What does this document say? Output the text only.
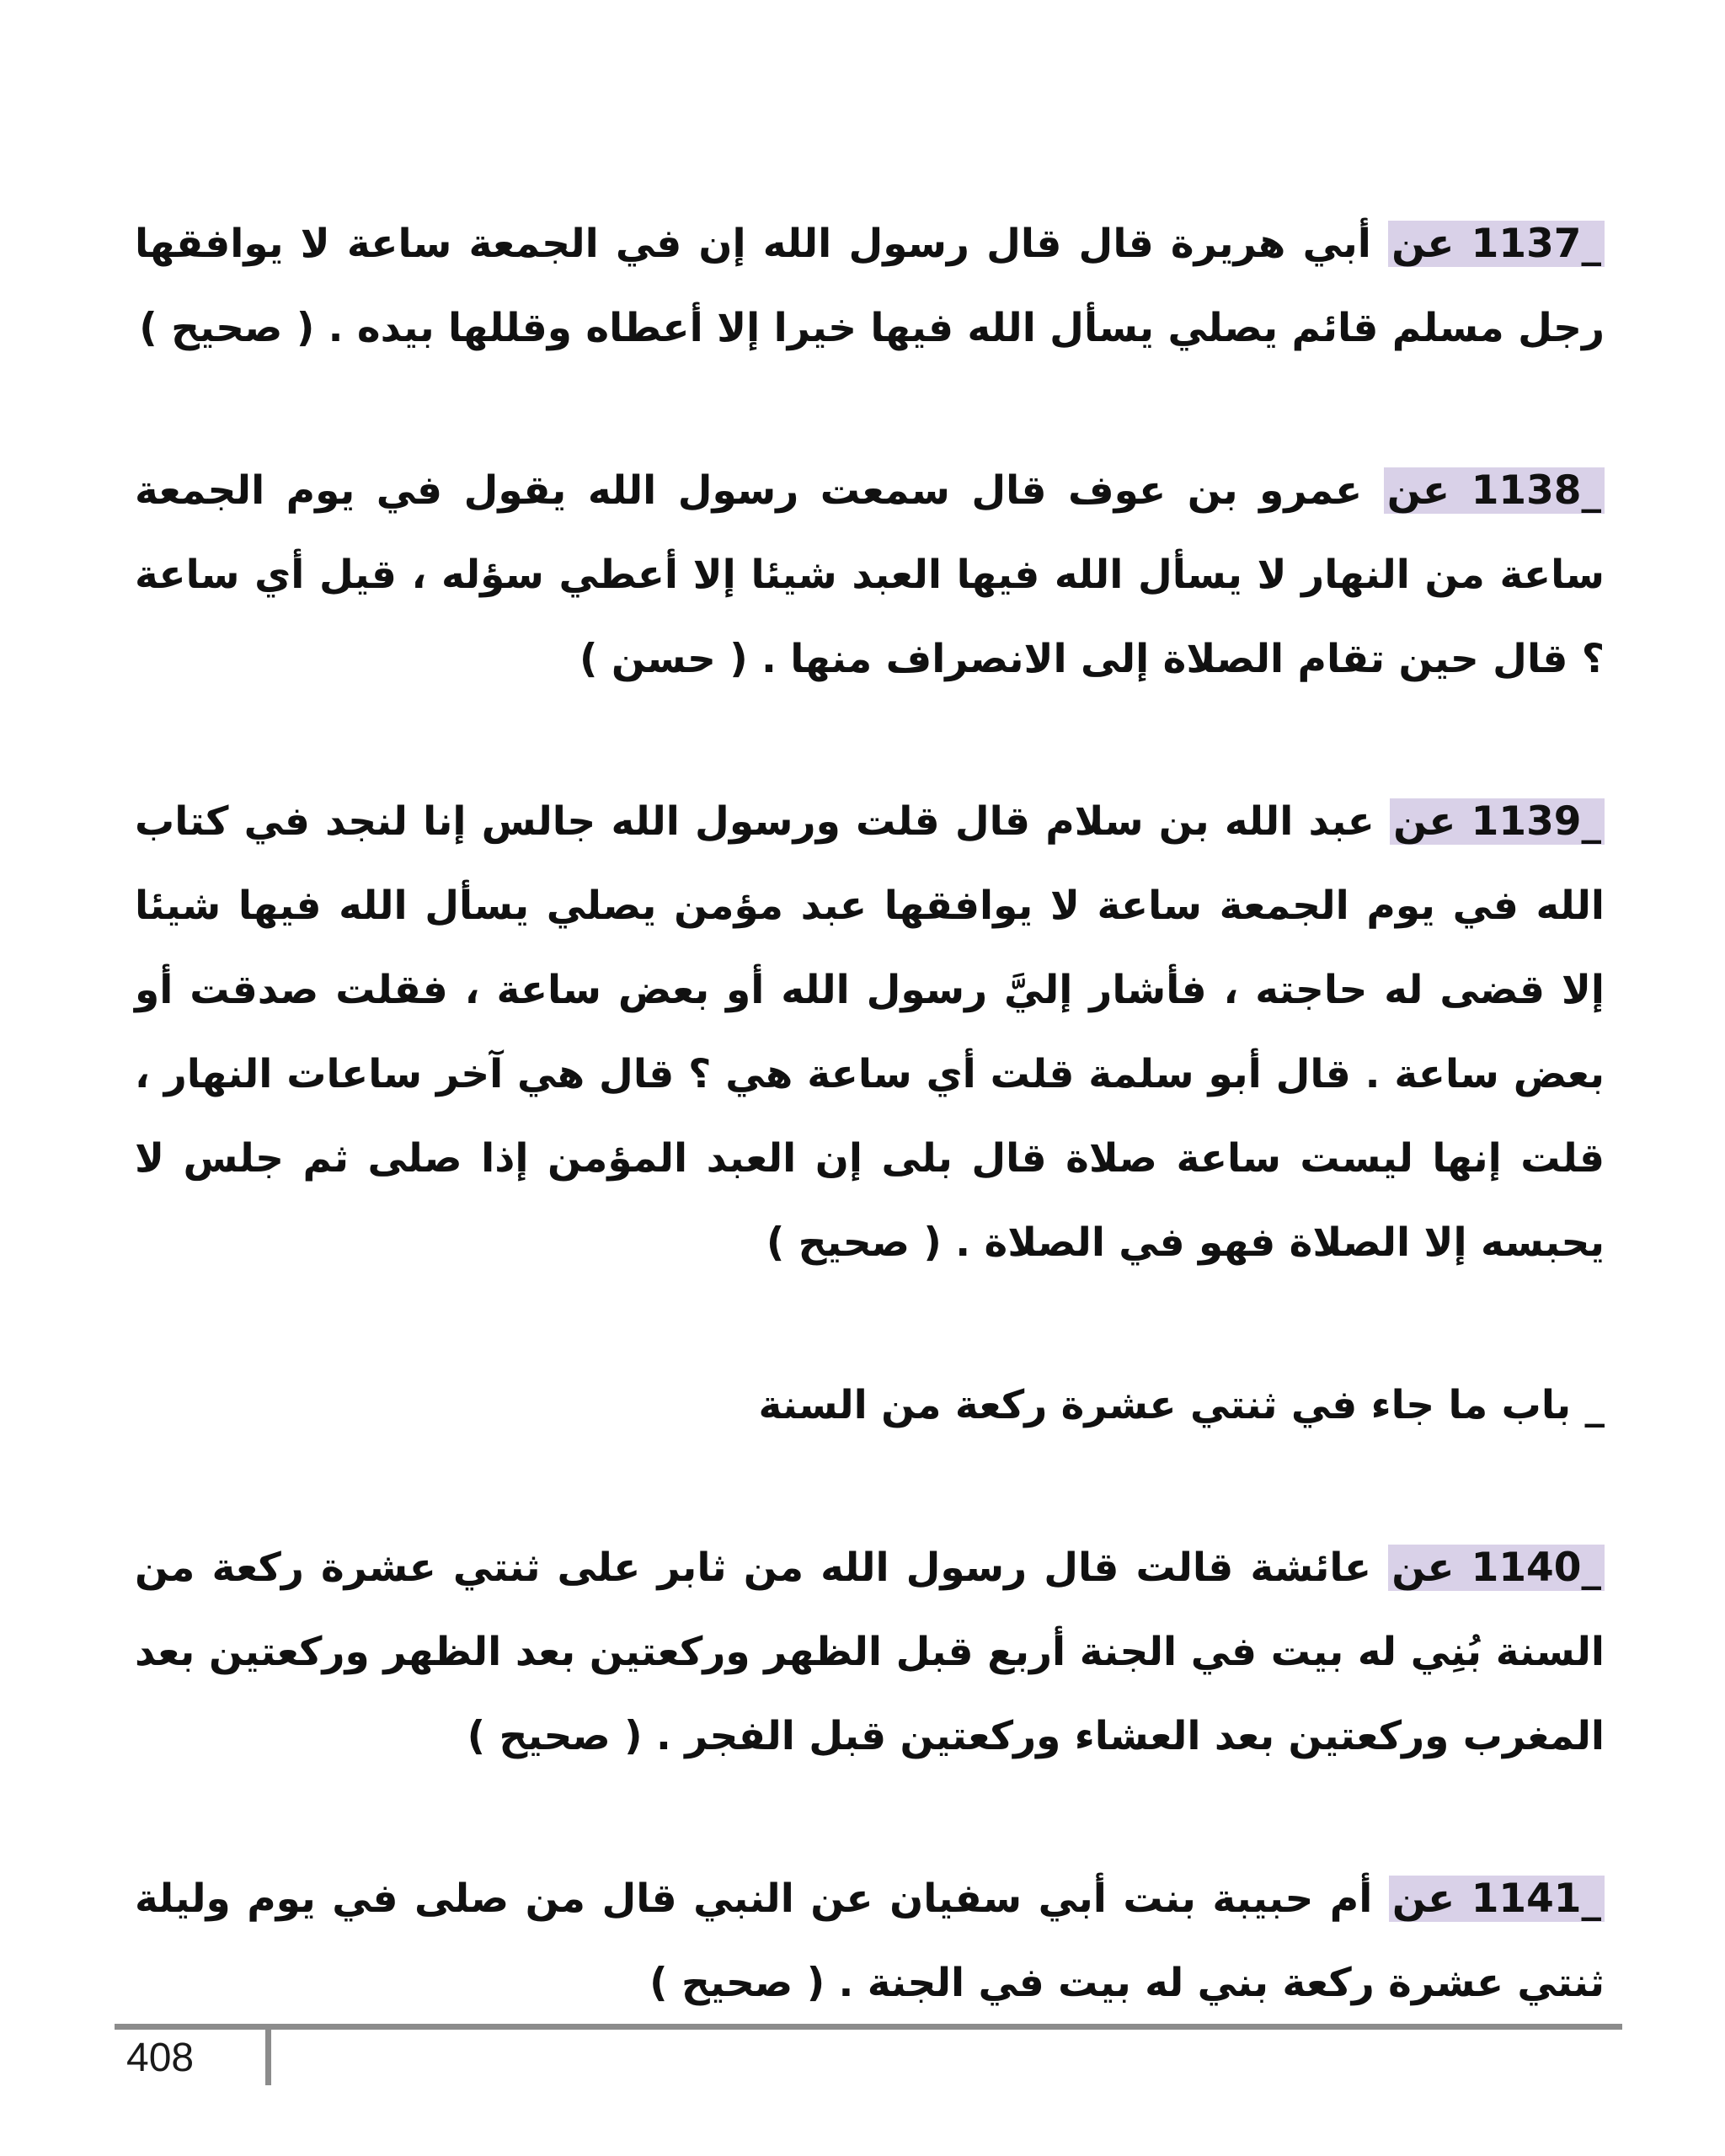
1137_ عن أبي هريرة قال قال رسول الله إن في الجمعة ساعة لا يوافقها رجل مسلم قائم يصلي يسأل الله فيها خيرا إلا أعطاه وقللها بيده . ( صحيح )

1138_ عن عمرو بن عوف قال سمعت رسول الله يقول في يوم الجمعة ساعة من النهار لا يسأل الله فيها العبد شيئا إلا أعطي سؤله ، قيل أي ساعة ؟ قال حين تقام الصلاة إلى الانصراف منها . ( حسن )

1139_ عن عبد الله بن سلام قال قلت ورسول الله جالس إنا لنجد في كتاب الله في يوم الجمعة ساعة لا يوافقها عبد مؤمن يصلي يسأل الله فيها شيئا إلا قضى له حاجته ، فأشار إليَّ رسول الله أو بعض ساعة ، فقلت صدقت أو بعض ساعة . قال أبو سلمة قلت أي ساعة هي ؟ قال هي آخر ساعات النهار ، قلت إنها ليست ساعة صلاة قال بلى إن العبد المؤمن إذا صلى ثم جلس لا يحبسه إلا الصلاة فهو في الصلاة . ( صحيح )

_ باب ما جاء في ثنتي عشرة ركعة من السنة

1140_ عن عائشة قالت قال رسول الله من ثابر على ثنتي عشرة ركعة من السنة بُنِي له بيت في الجنة أربع قبل الظهر وركعتين بعد الظهر وركعتين بعد المغرب وركعتين بعد العشاء وركعتين قبل الفجر . ( صحيح )

1141_ عن أم حبيبة بنت أبي سفيان عن النبي قال من صلى في يوم وليلة ثنتي عشرة ركعة بني له بيت في الجنة . ( صحيح )

408
